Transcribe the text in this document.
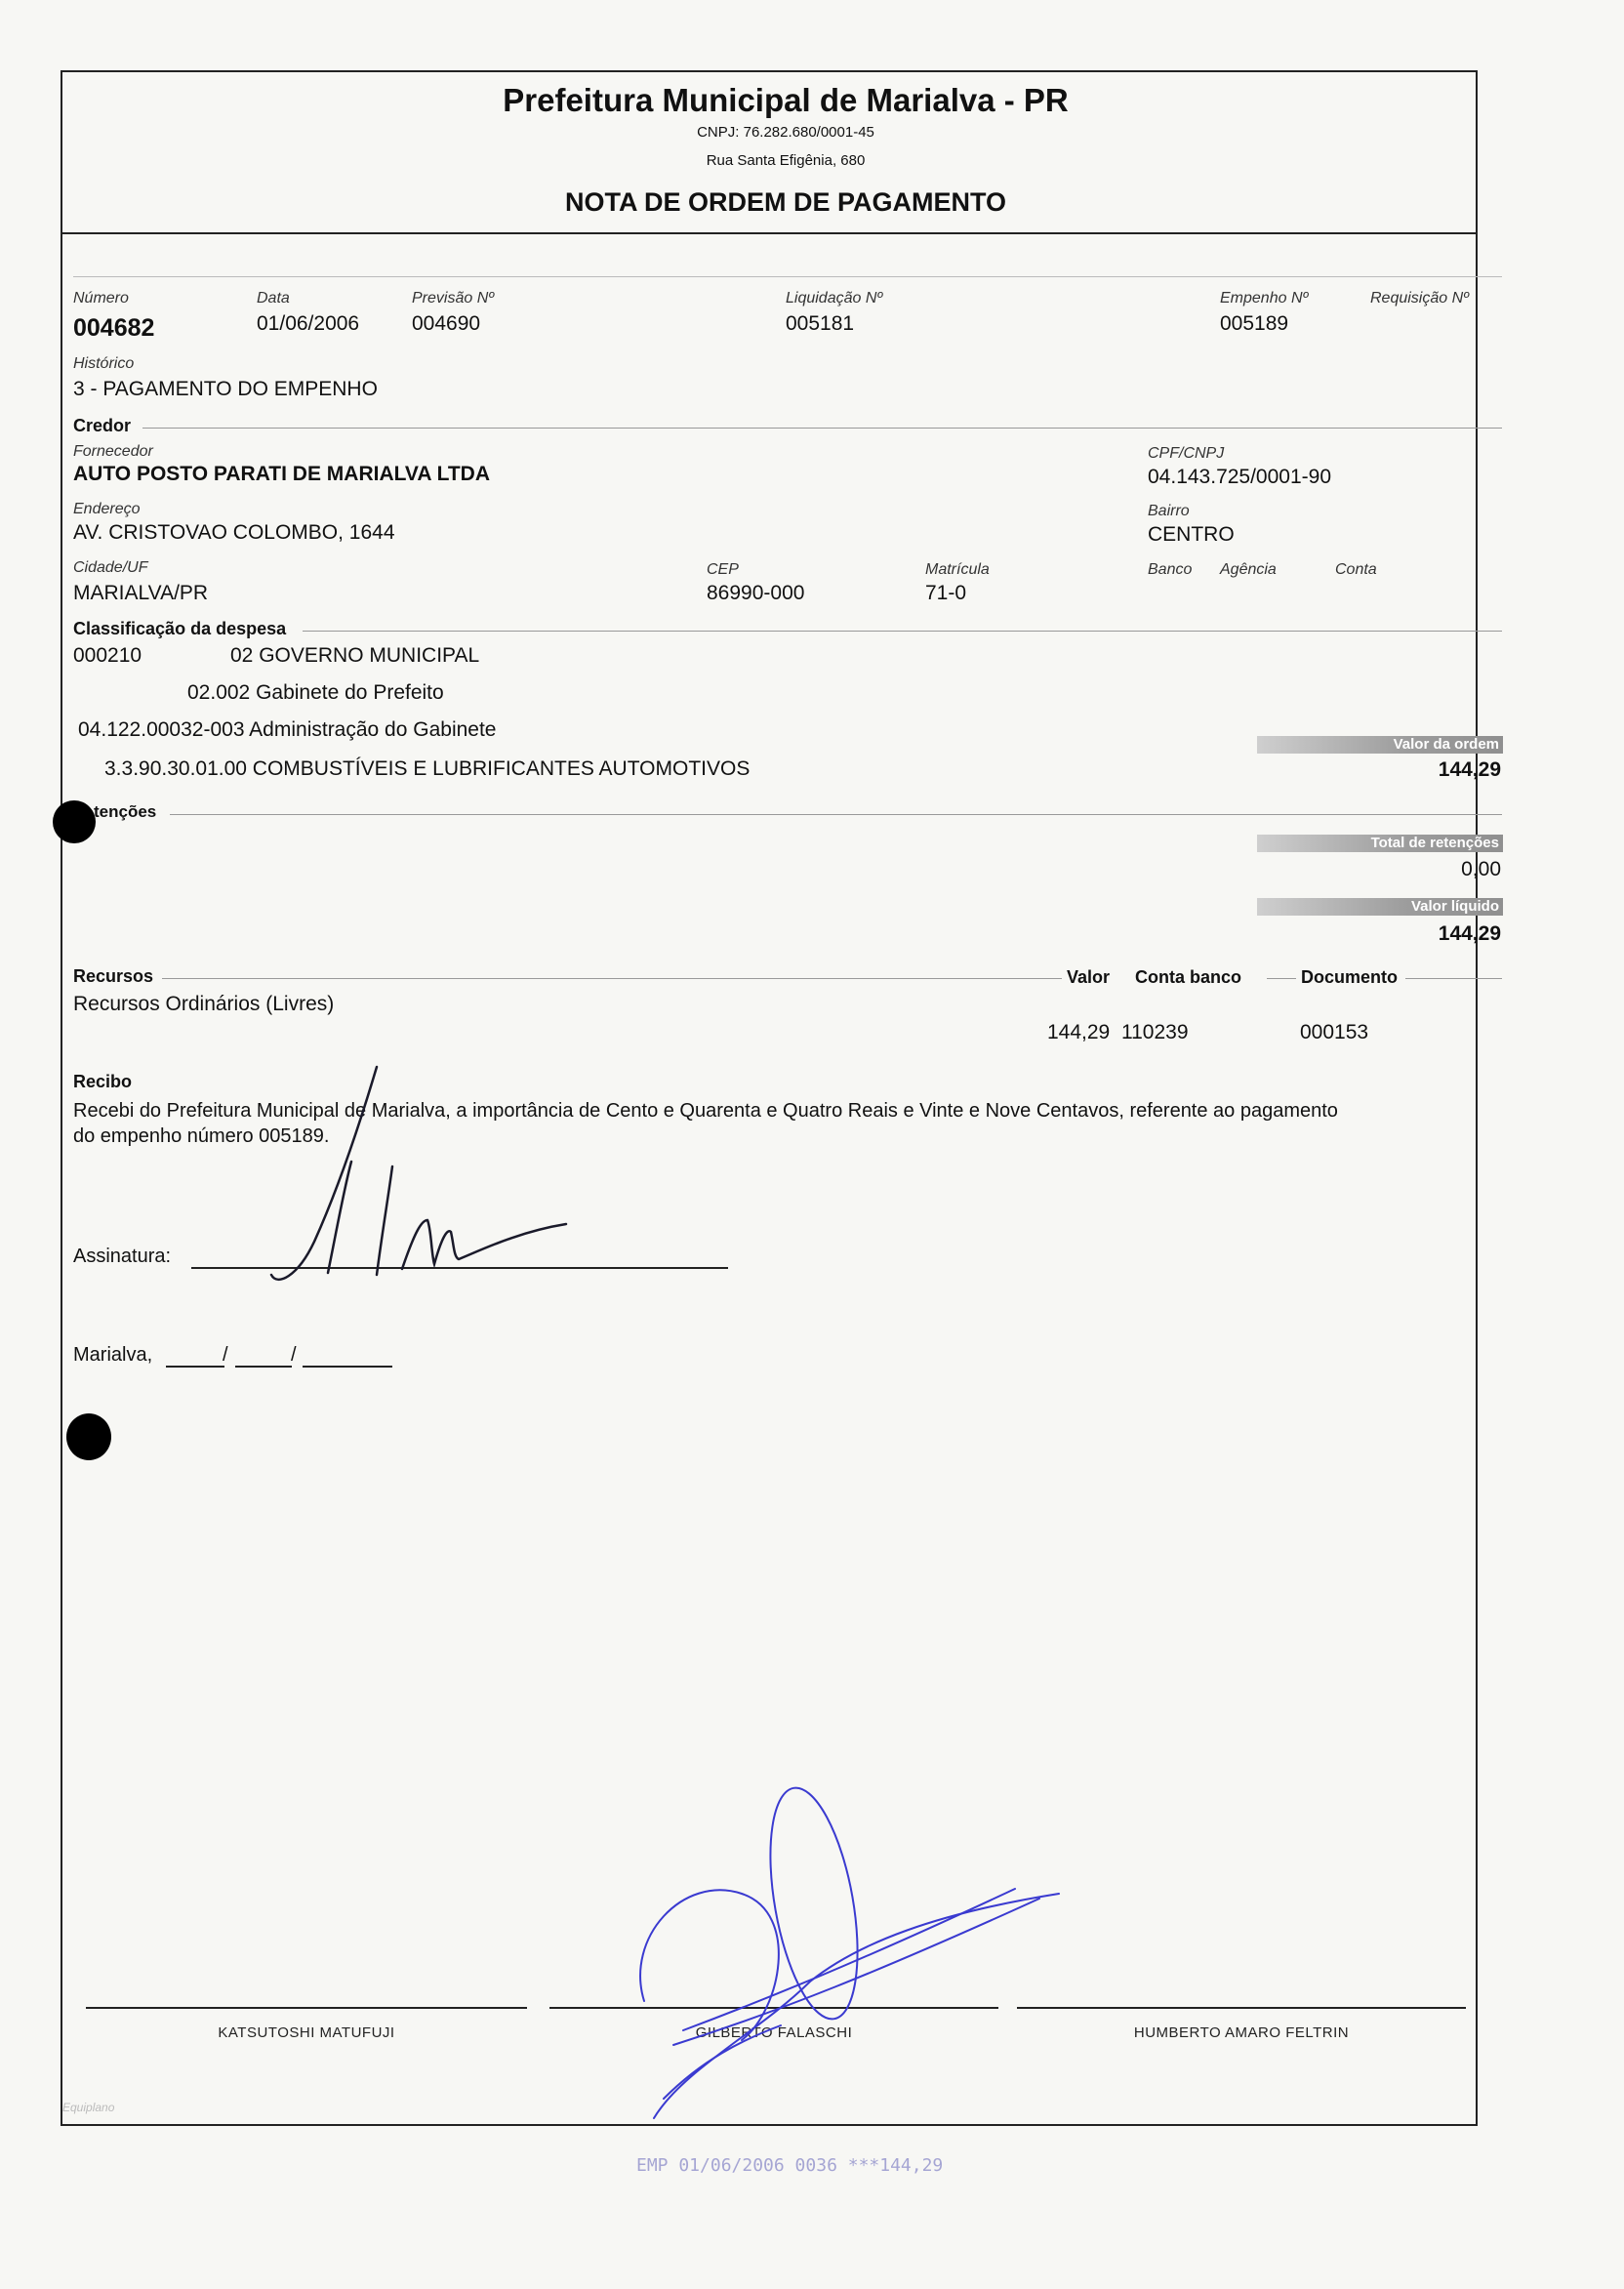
Prefeitura Municipal de Marialva - PR
CNPJ: 76.282.680/0001-45
Rua Santa Efigênia, 680
NOTA DE ORDEM DE PAGAMENTO
Número
004682
Data
01/06/2006
Previsão Nº
004690
Liquidação Nº
005181
Empenho Nº
005189
Requisição Nº
Histórico
3 - PAGAMENTO DO EMPENHO
Credor
Fornecedor
AUTO POSTO PARATI DE MARIALVA LTDA
CPF/CNPJ
04.143.725/0001-90
Endereço
AV. CRISTOVAO COLOMBO, 1644
Bairro
CENTRO
Cidade/UF
MARIALVA/PR
CEP
86990-000
Matrícula
71-0
Banco Agência	Conta
Classificação da despesa
000210	02 GOVERNO MUNICIPAL
02.002 Gabinete do Prefeito
04.122.00032-003 Administração do Gabinete
3.3.90.30.01.00 COMBUSTÍVEIS E LUBRIFICANTES AUTOMOTIVOS
Valor da ordem
144,29
tenções
Total de retenções
0,00
Valor líquido
144,29
Recursos	Valor Conta banco	Documento
Recursos Ordinários (Livres)
144,29 110239	000153
Recibo
Recebi do Prefeitura Municipal de Marialva, a importância de Cento e Quarenta e Quatro Reais e Vinte e Nove Centavos, referente ao pagamento
do empenho número 005189.
Assinatura:
Marialva,	/	/
KATSUTOSHI MATUFUJI	GILBERTO FALASCHI	HUMBERTO AMARO FELTRIN
Equiplano
EMP 01/06/2006 0036 ***144,29
